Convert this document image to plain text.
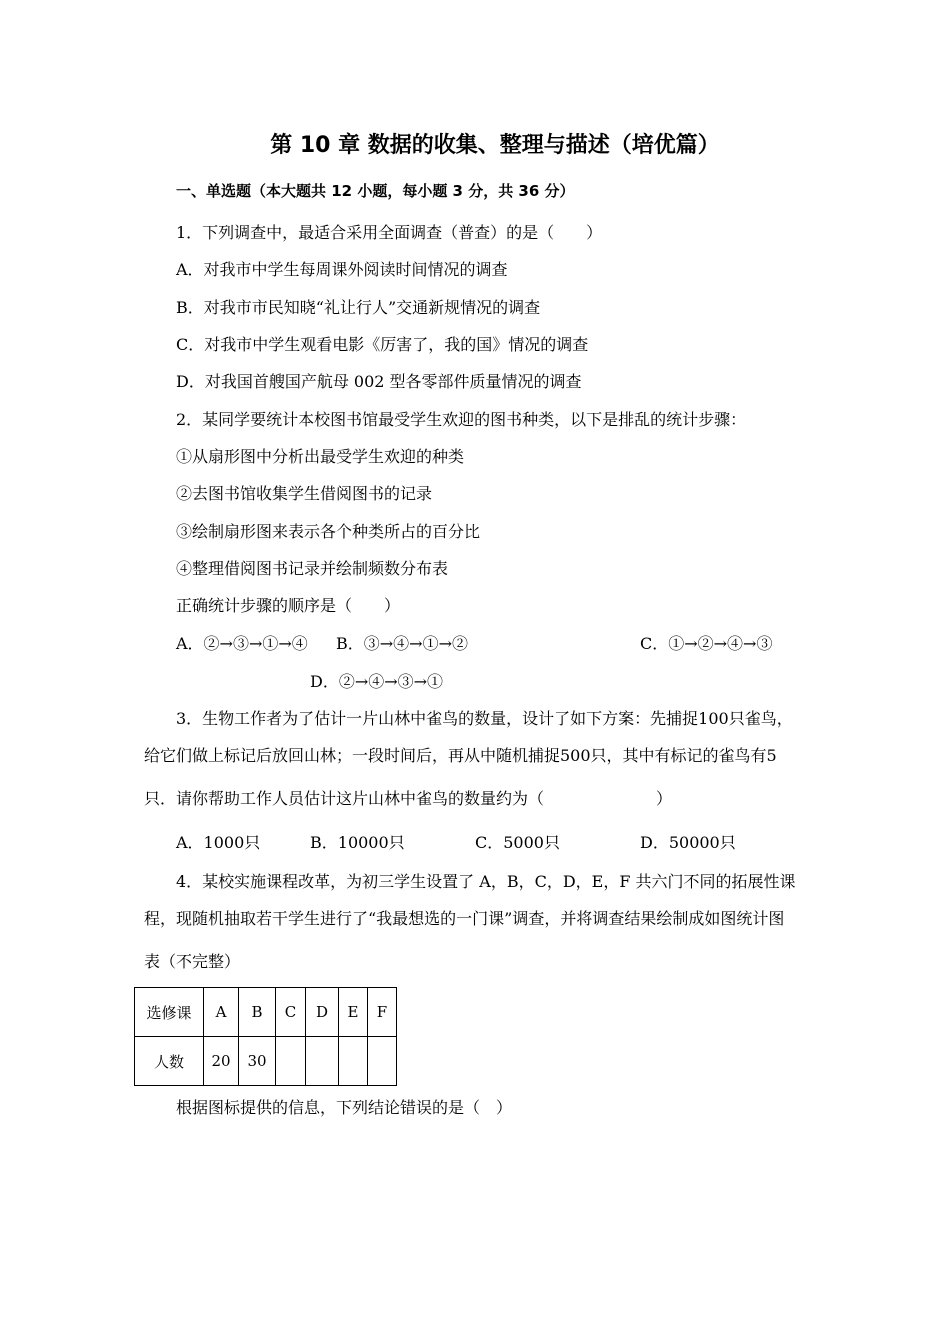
第 10 章 数据的收集、整理与描述（培优篇）
一、单选题（本大题共 12 小题，每小题 3 分，共 36 分）
1．下列调查中，最适合采用全面调查（普查）的是（　　）
A．对我市中学生每周课外阅读时间情况的调查
B．对我市市民知晓“礼让行人”交通新规情况的调查
C．对我市中学生观看电影《厉害了，我的国》情况的调查
D．对我国首艘国产航母 002 型各零部件质量情况的调查
2．某同学要统计本校图书馆最受学生欢迎的图书种类，以下是排乱的统计步骤：
①从扇形图中分析出最受学生欢迎的种类
②去图书馆收集学生借阅图书的记录
③绘制扇形图来表示各个种类所占的百分比
④整理借阅图书记录并绘制频数分布表
正确统计步骤的顺序是（　　）
A．②→③→①→④ B．③→④→①→②	C．①→②→④→③
D．②→④→③→①
3．生物工作者为了估计一片山林中雀鸟的数量，设计了如下方案：先捕捉100只雀鸟，
给它们做上标记后放回山林；一段时间后，再从中随机捕捉500只，其中有标记的雀鸟有5
只．请你帮助工作人员估计这片山林中雀鸟的数量约为（　　　　　　　）
A．1000只	B．10000只	C．5000只	D．50000只
4．某校实施课程改革，为初三学生设置了 A，B，C，D，E，F 共六门不同的拓展性课
程，现随机抽取若干学生进行了“我最想选的一门课”调查，并将调查结果绘制成如图统计图
表（不完整）
选修课	A	B	C	D	E	F
人数	20	30				
根据图标提供的信息，下列结论错误的是（　）
